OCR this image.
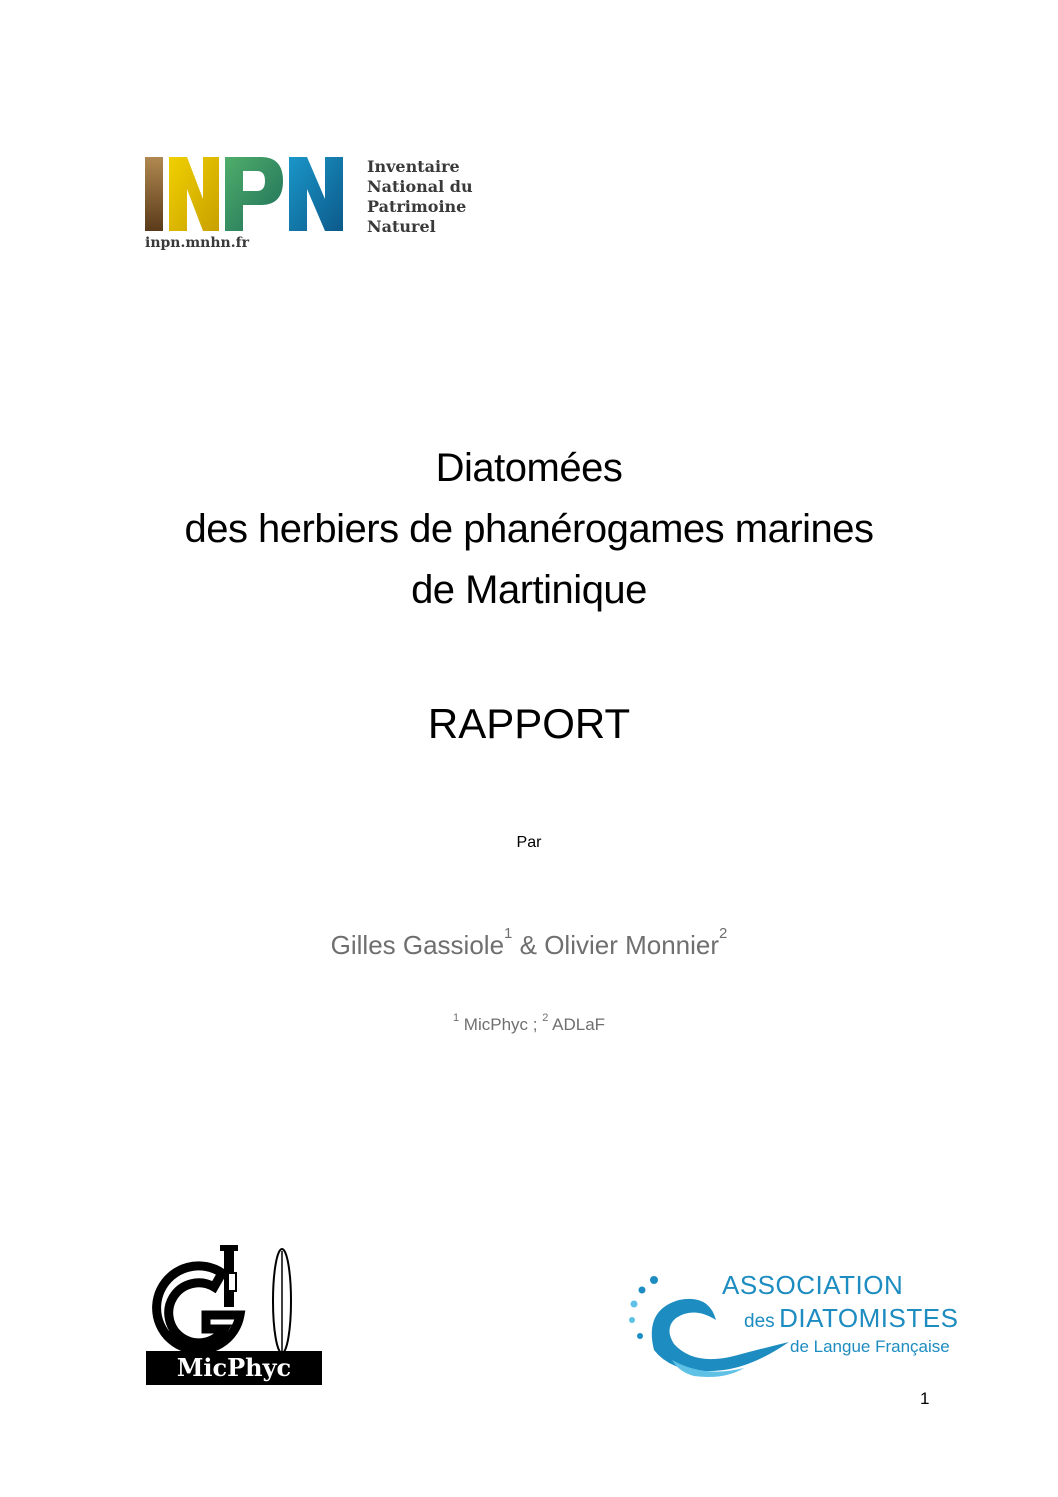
Inventaire
National du
Patrimoine
Naturel
inpn.mnhn.fr
Diatomées
des herbiers de phanérogames marines
de Martinique
RAPPORT
Par
Gilles Gassiole$^1$ & Olivier Monnier$^2$
$^1$ MicPhyc ; $^2$ ADLaF
MicPhyc
ASSOCIATION
des DIATOMISTES
de Langue Française
1
